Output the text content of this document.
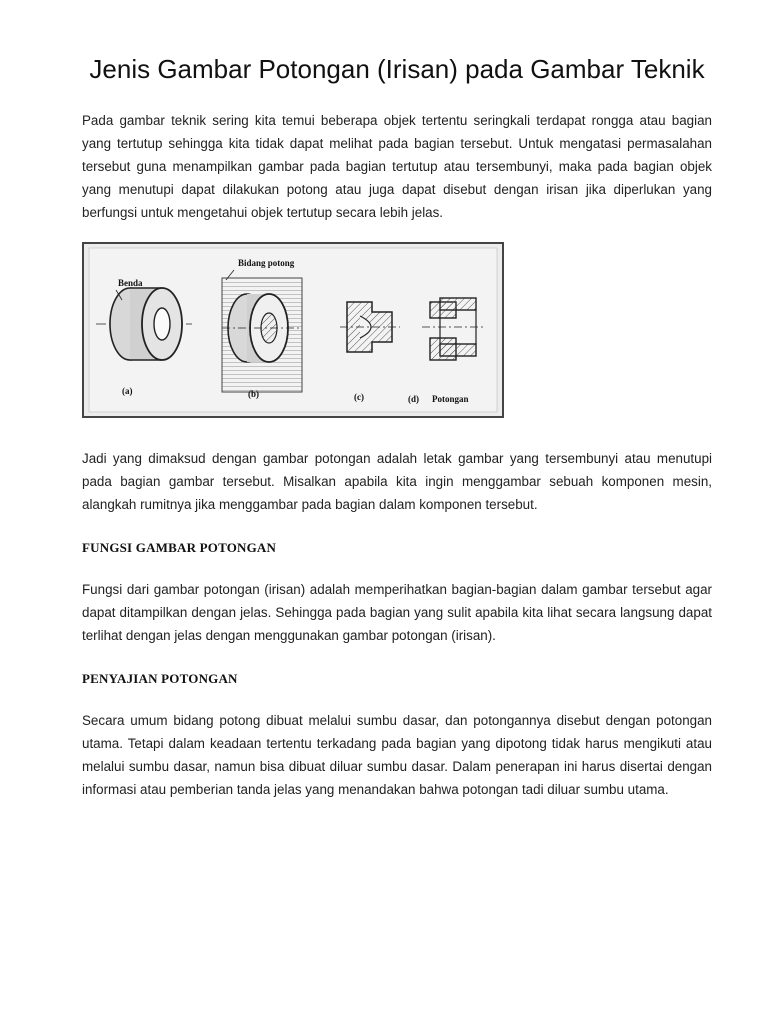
Jenis Gambar Potongan (Irisan) pada Gambar Teknik

Pada gambar teknik sering kita temui beberapa objek tertentu seringkali terdapat rongga atau bagian yang tertutup sehingga kita tidak dapat melihat pada bagian tersebut. Untuk mengatasi permasalahan tersebut guna menampilkan gambar pada bagian tertutup atau tersembunyi, maka pada bagian objek yang menutupi dapat dilakukan potong atau juga dapat disebut dengan irisan jika diperlukan yang berfungsi untuk mengetahui objek tertutup secara lebih jelas.

Benda
Bidang potong
(a)	(b)	(c)	(d) Potongan

Jadi yang dimaksud dengan gambar potongan adalah letak gambar yang tersembunyi atau menutupi pada bagian gambar tersebut. Misalkan apabila kita ingin menggambar sebuah komponen mesin, alangkah rumitnya jika menggambar pada bagian dalam komponen tersebut.

FUNGSI GAMBAR POTONGAN

Fungsi dari gambar potongan (irisan) adalah memperihatkan bagian-bagian dalam gambar tersebut agar dapat ditampilkan dengan jelas. Sehingga pada bagian yang sulit apabila kita lihat secara langsung dapat terlihat dengan jelas dengan menggunakan gambar potongan (irisan).

PENYAJIAN POTONGAN

Secara umum bidang potong dibuat melalui sumbu dasar, dan potongannya disebut dengan potongan utama. Tetapi dalam keadaan tertentu terkadang pada bagian yang dipotong tidak harus mengikuti atau melalui sumbu dasar, namun bisa dibuat diluar sumbu dasar. Dalam penerapan ini harus disertai dengan informasi atau pemberian tanda jelas yang menandakan bahwa potongan tadi diluar sumbu utama.
